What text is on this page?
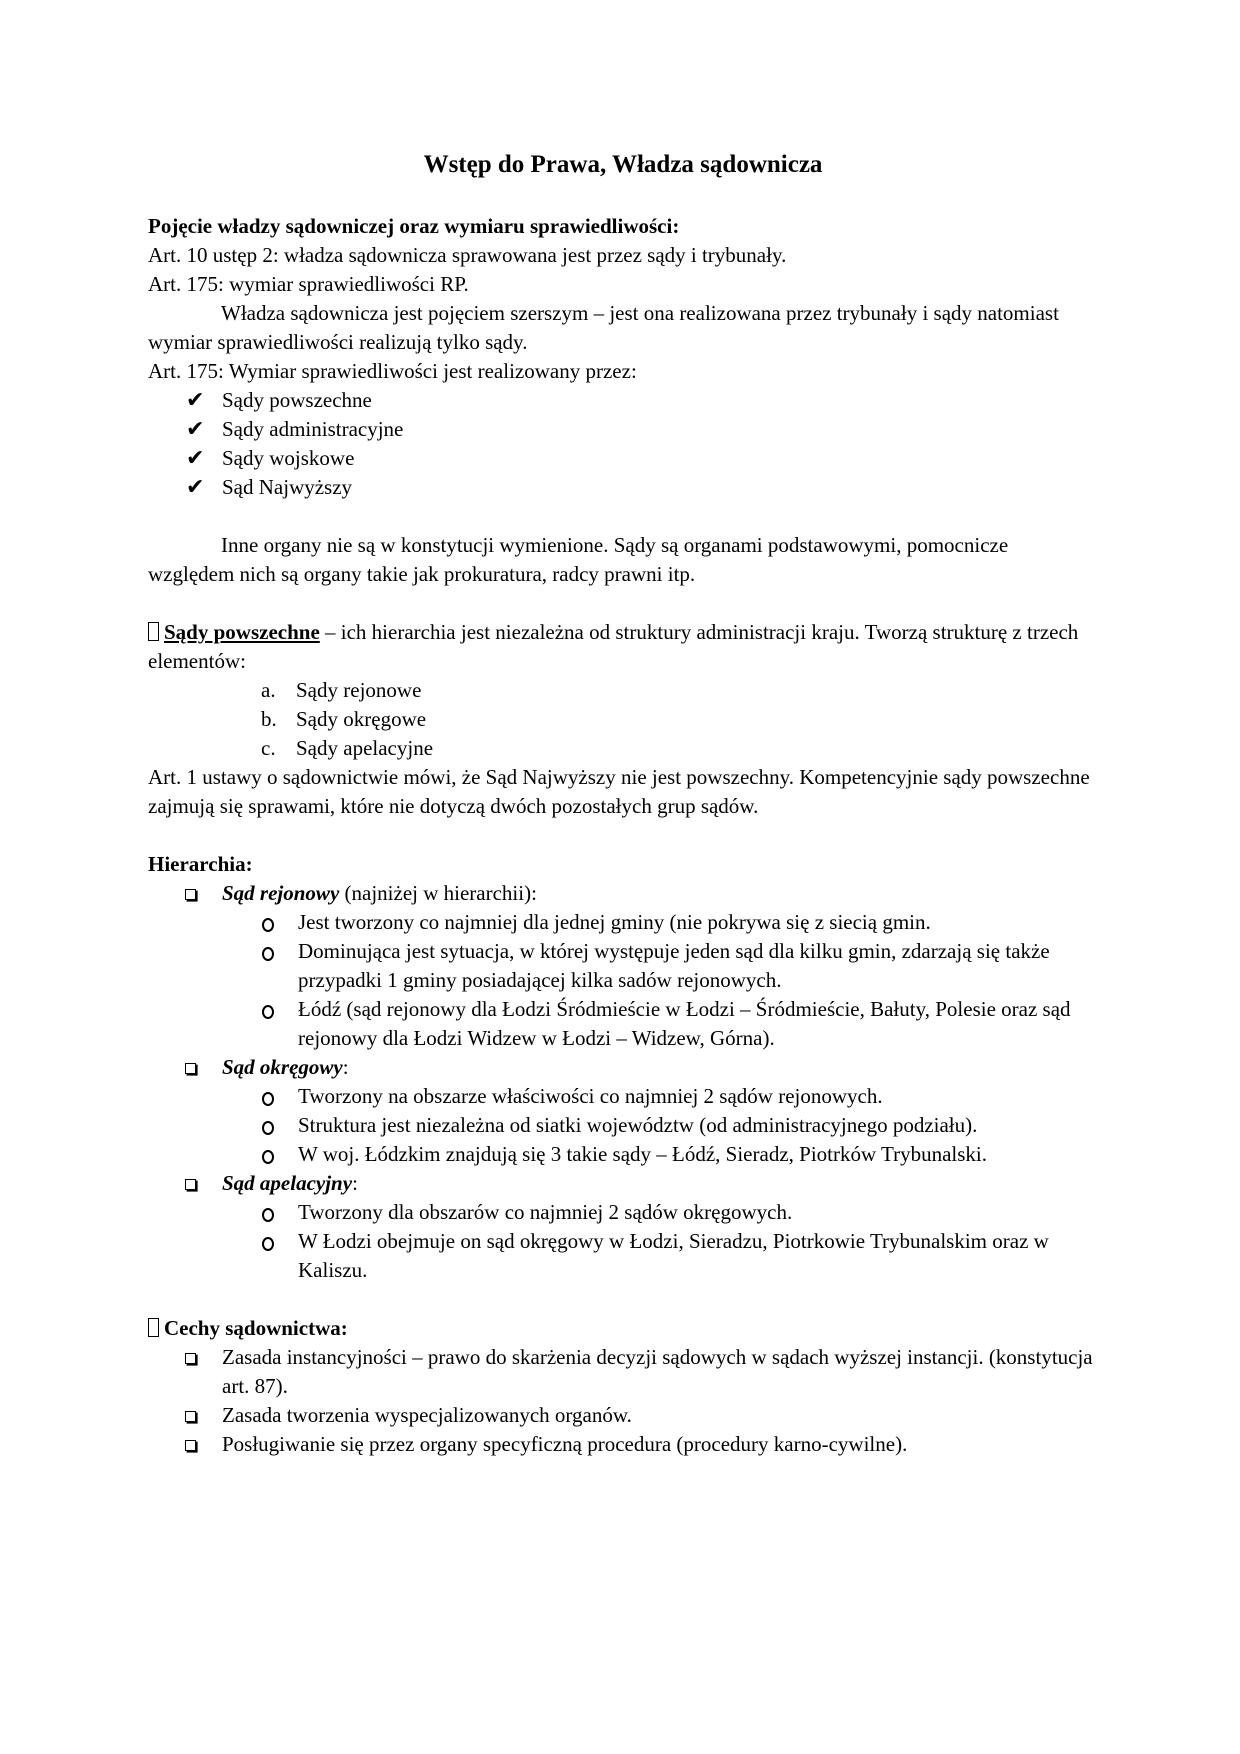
Wstęp do Prawa, Władza sądownicza

Pojęcie władzy sądowniczej oraz wymiaru sprawiedliwości:

Art. 10 ustęp 2: władza sądownicza sprawowana jest przez sądy i trybunały.

Art. 175: wymiar sprawiedliwości RP.

Władza sądownicza jest pojęciem szerszym – jest ona realizowana przez trybunały i sądy natomiast wymiar sprawiedliwości realizują tylko sądy.

Art. 175: Wymiar sprawiedliwości jest realizowany przez:

✔ Sądy powszechne
✔ Sądy administracyjne
✔ Sądy wojskowe
✔ Sąd Najwyższy

Inne organy nie są w konstytucji wymienione. Sądy są organami podstawowymi, pomocnicze względem nich są organy takie jak prokuratura, radcy prawni itp.

Sądy powszechne – ich hierarchia jest niezależna od struktury administracji kraju. Tworzą strukturę z trzech elementów:

a. Sądy rejonowe
b. Sądy okręgowe
c. Sądy apelacyjne

Art. 1 ustawy o sądownictwie mówi, że Sąd Najwyższy nie jest powszechny. Kompetencyjnie sądy powszechne zajmują się sprawami, które nie dotyczą dwóch pozostałych grup sądów.

Hierarchia:

Sąd rejonowy (najniżej w hierarchii):
Jest tworzony co najmniej dla jednej gminy (nie pokrywa się z siecią gmin.
Dominująca jest sytuacja, w której występuje jeden sąd dla kilku gmin, zdarzają się także przypadki 1 gminy posiadającej kilka sadów rejonowych.
Łódź (sąd rejonowy dla Łodzi Śródmieście w Łodzi – Śródmieście, Bałuty, Polesie oraz sąd rejonowy dla Łodzi Widzew w Łodzi – Widzew, Górna).
Sąd okręgowy:
Tworzony na obszarze właściwości co najmniej 2 sądów rejonowych.
Struktura jest niezależna od siatki województw (od administracyjnego podziału).
W woj. Łódzkim znajdują się 3 takie sądy – Łódź, Sieradz, Piotrków Trybunalski.
Sąd apelacyjny:
Tworzony dla obszarów co najmniej 2 sądów okręgowych.
W Łodzi obejmuje on sąd okręgowy w Łodzi, Sieradzu, Piotrkowie Trybunalskim oraz w Kaliszu.

Cechy sądownictwa:

Zasada instancyjności – prawo do skarżenia decyzji sądowych w sądach wyższej instancji. (konstytucja art. 87).
Zasada tworzenia wyspecjalizowanych organów.
Posługiwanie się przez organy specyficzną procedura (procedury karno-cywilne).
